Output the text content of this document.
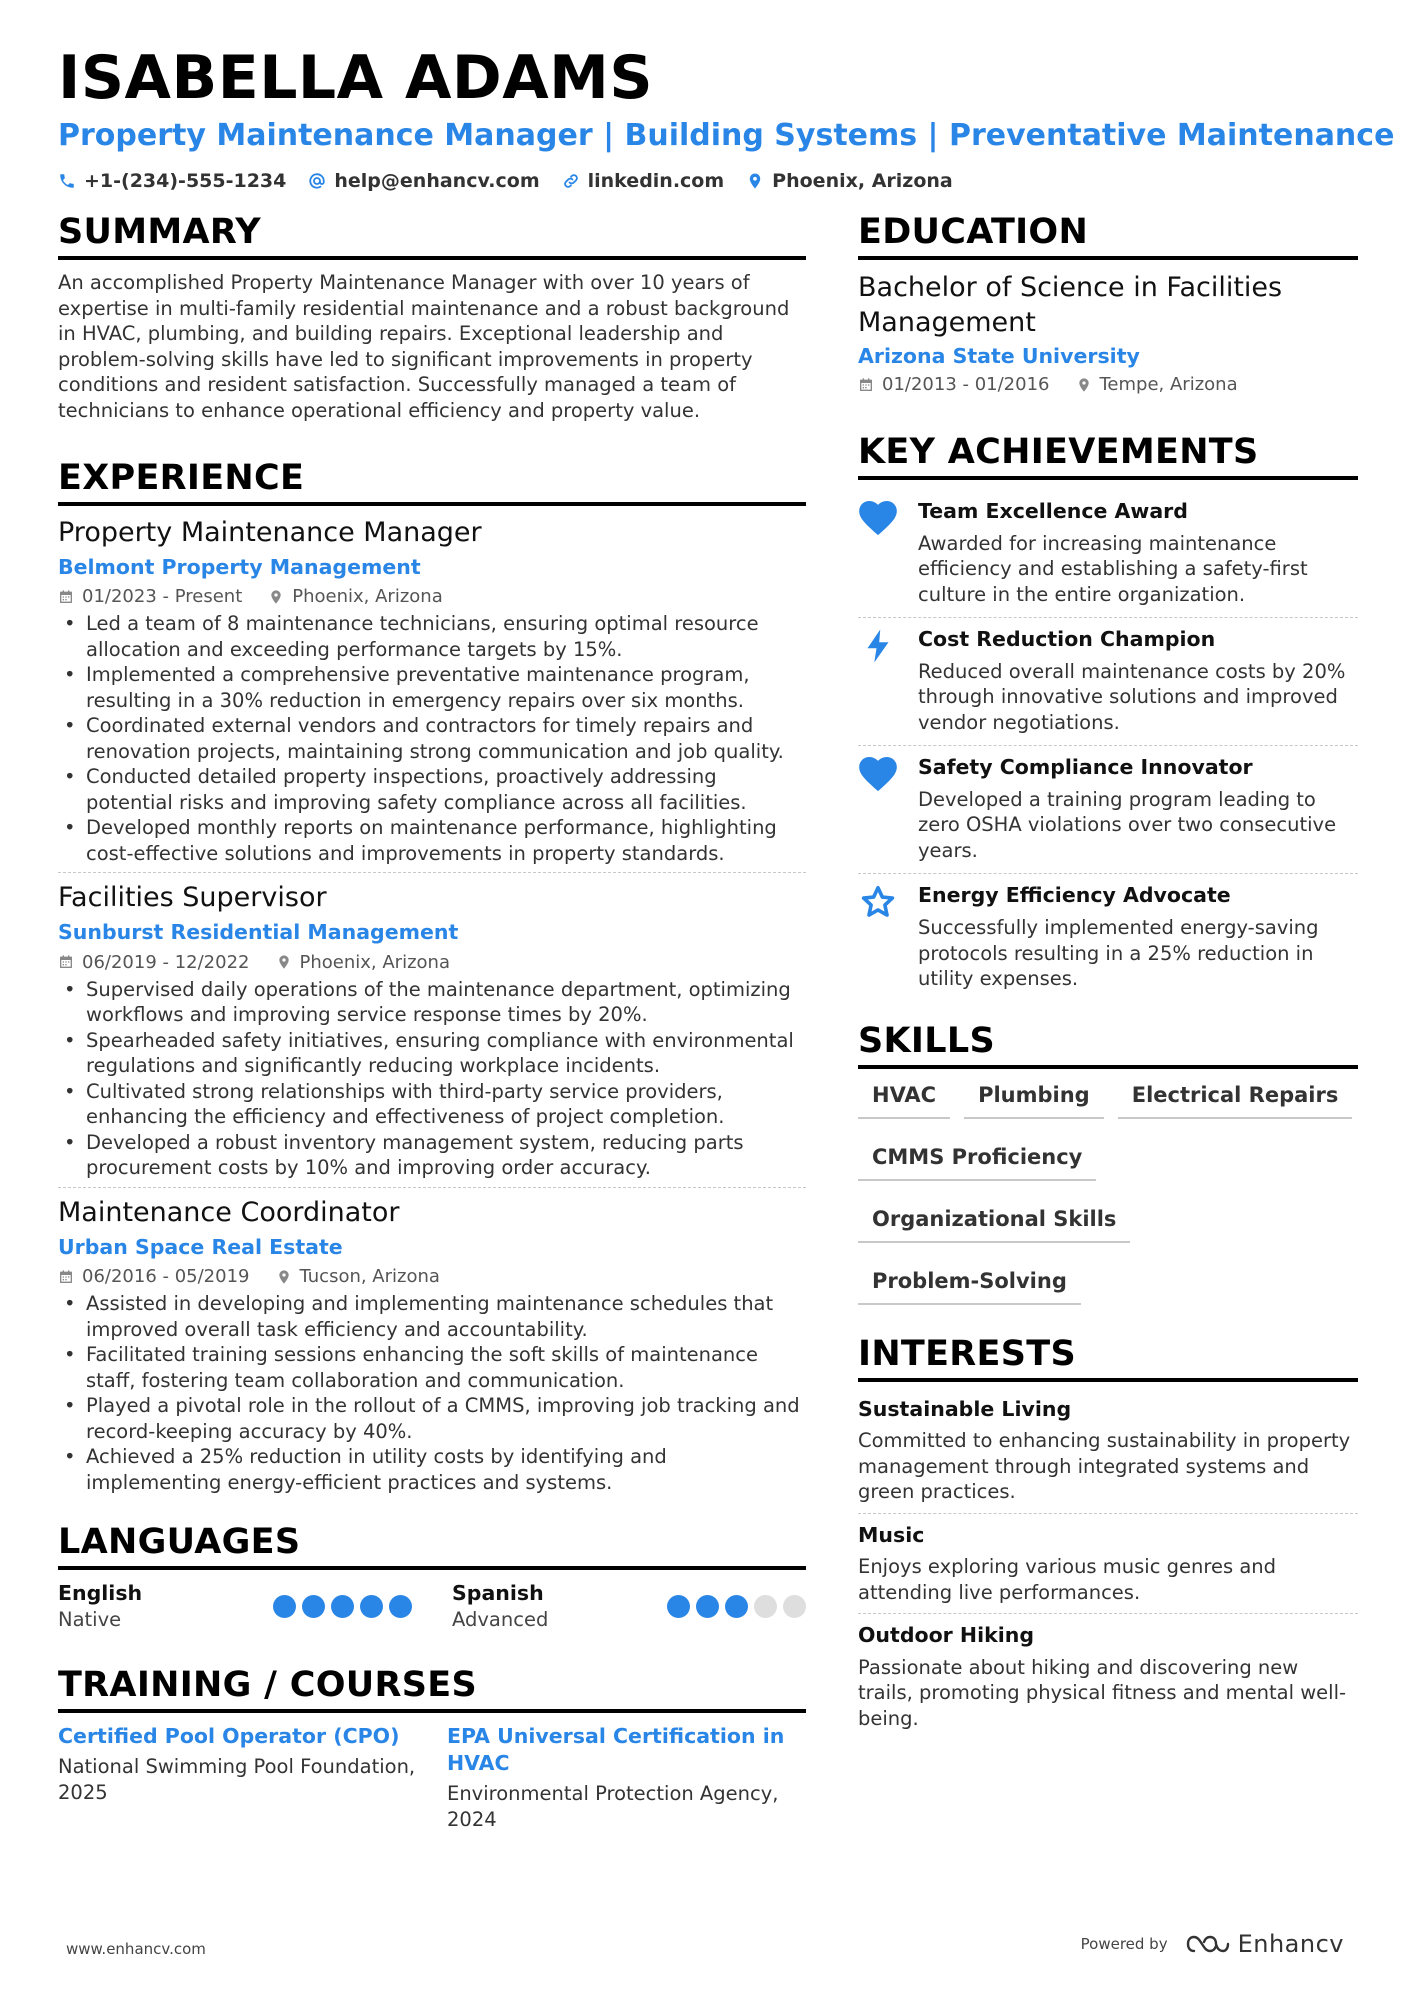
ISABELLA ADAMS
Property Maintenance Manager | Building Systems | Preventative Maintenance
+1-(234)-555-1234	help@enhancv.com	linkedin.com	Phoenix, Arizona
SUMMARY
An accomplished Property Maintenance Manager with over 10 years of expertise in multi-family residential maintenance and a robust background in HVAC, plumbing, and building repairs. Exceptional leadership and problem-solving skills have led to significant improvements in property conditions and resident satisfaction. Successfully managed a team of technicians to enhance operational efficiency and property value.
EXPERIENCE
Property Maintenance Manager
Belmont Property Management
01/2023 - Present	Phoenix, Arizona
• Led a team of 8 maintenance technicians, ensuring optimal resource allocation and exceeding performance targets by 15%.
• Implemented a comprehensive preventative maintenance program, resulting in a 30% reduction in emergency repairs over six months.
• Coordinated external vendors and contractors for timely repairs and renovation projects, maintaining strong communication and job quality.
• Conducted detailed property inspections, proactively addressing potential risks and improving safety compliance across all facilities.
• Developed monthly reports on maintenance performance, highlighting cost-effective solutions and improvements in property standards.
Facilities Supervisor
Sunburst Residential Management
06/2019 - 12/2022	Phoenix, Arizona
• Supervised daily operations of the maintenance department, optimizing workflows and improving service response times by 20%.
• Spearheaded safety initiatives, ensuring compliance with environmental regulations and significantly reducing workplace incidents.
• Cultivated strong relationships with third-party service providers, enhancing the efficiency and effectiveness of project completion.
• Developed a robust inventory management system, reducing parts procurement costs by 10% and improving order accuracy.
Maintenance Coordinator
Urban Space Real Estate
06/2016 - 05/2019	Tucson, Arizona
• Assisted in developing and implementing maintenance schedules that improved overall task efficiency and accountability.
• Facilitated training sessions enhancing the soft skills of maintenance staff, fostering team collaboration and communication.
• Played a pivotal role in the rollout of a CMMS, improving job tracking and record-keeping accuracy by 40%.
• Achieved a 25% reduction in utility costs by identifying and implementing energy-efficient practices and systems.
LANGUAGES
English
Native
Spanish
Advanced
TRAINING / COURSES
Certified Pool Operator (CPO)
National Swimming Pool Foundation, 2025
EPA Universal Certification in HVAC
Environmental Protection Agency, 2024
EDUCATION
Bachelor of Science in Facilities Management
Arizona State University
01/2013 - 01/2016	Tempe, Arizona
KEY ACHIEVEMENTS
Team Excellence Award
Awarded for increasing maintenance efficiency and establishing a safety-first culture in the entire organization.
Cost Reduction Champion
Reduced overall maintenance costs by 20% through innovative solutions and improved vendor negotiations.
Safety Compliance Innovator
Developed a training program leading to zero OSHA violations over two consecutive years.
Energy Efficiency Advocate
Successfully implemented energy-saving protocols resulting in a 25% reduction in utility expenses.
SKILLS
HVAC	Plumbing	Electrical Repairs
CMMS Proficiency
Organizational Skills
Problem-Solving
INTERESTS
Sustainable Living
Committed to enhancing sustainability in property management through integrated systems and green practices.
Music
Enjoys exploring various music genres and attending live performances.
Outdoor Hiking
Passionate about hiking and discovering new trails, promoting physical fitness and mental well-being.
www.enhancv.com	Powered by	Enhancv
